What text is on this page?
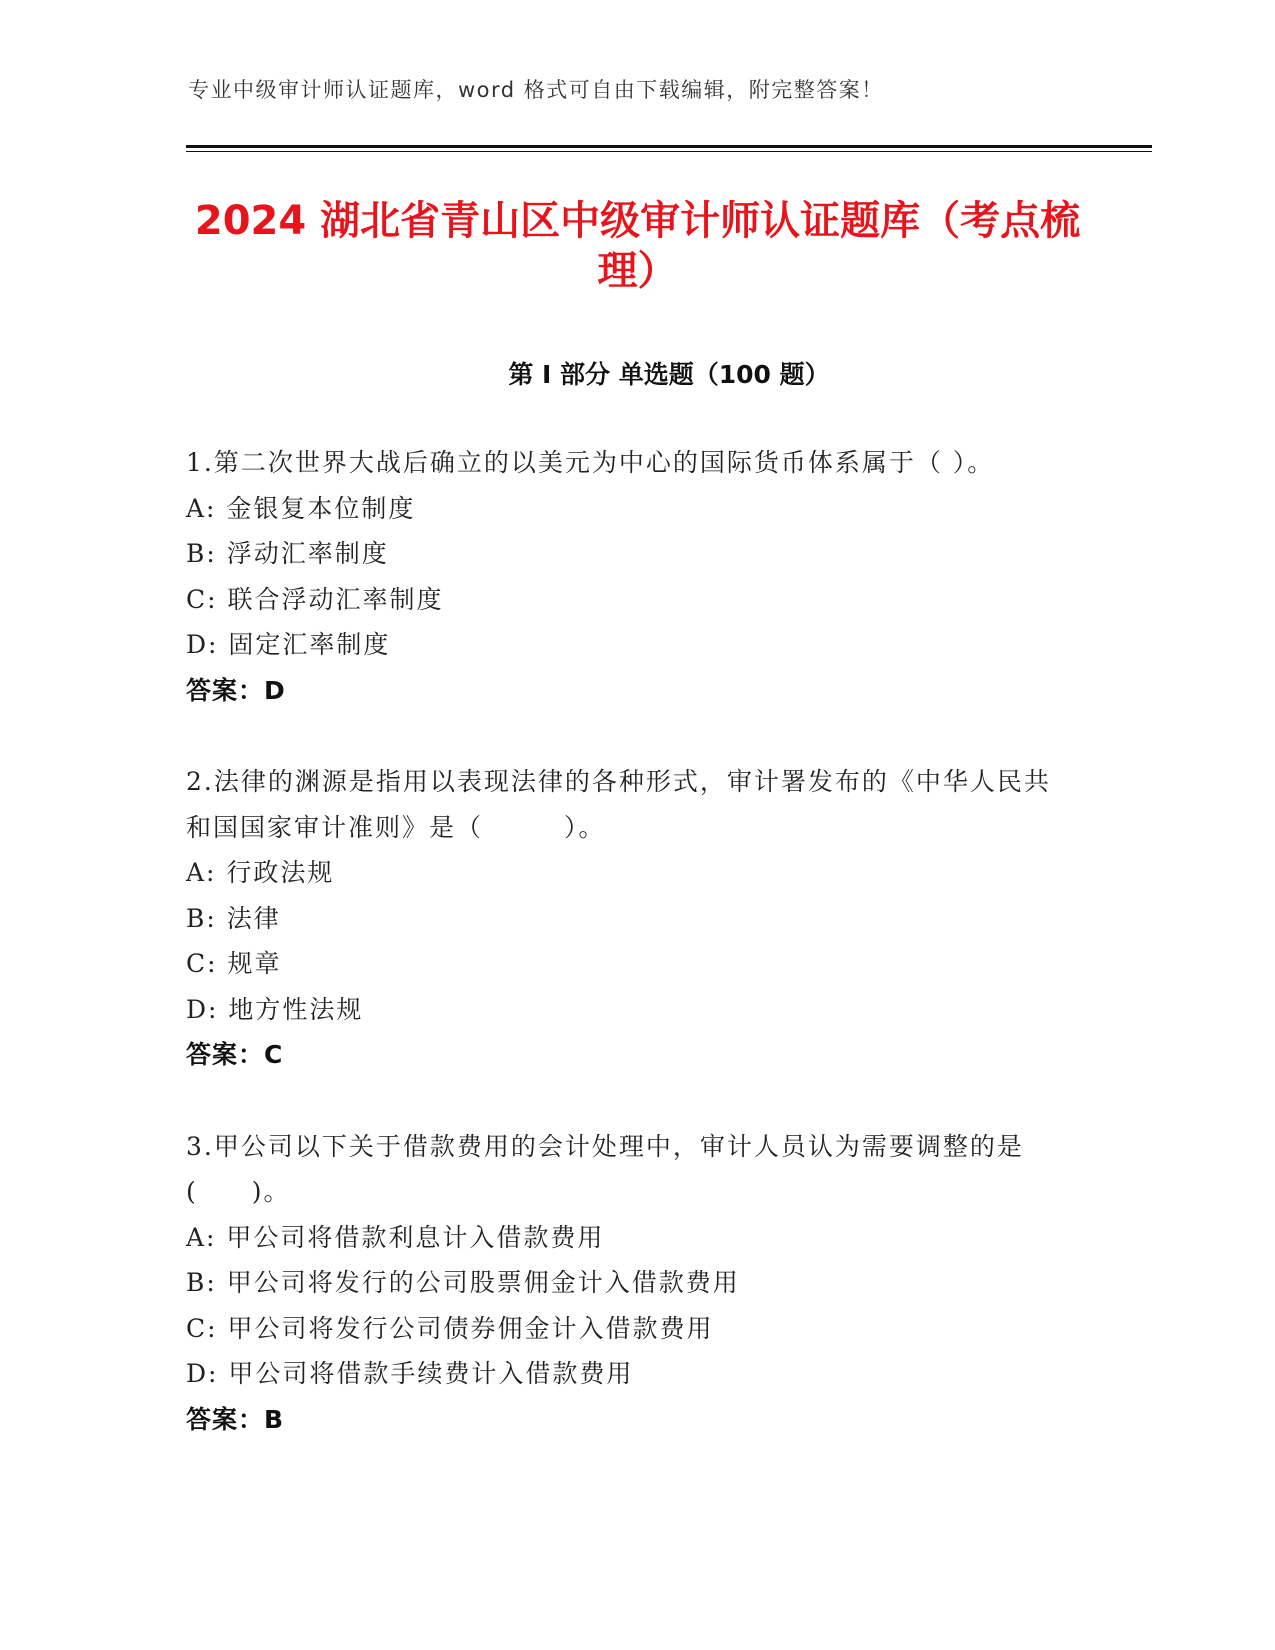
专业中级审计师认证题库，word 格式可自由下载编辑，附完整答案！
2024 湖北省青山区中级审计师认证题库（考点梳理）
第 I 部分 单选题（100 题）

1.第二次世界大战后确立的以美元为中心的国际货币体系属于（ ）。

A: 金银复本位制度

B: 浮动汇率制度

C: 联合浮动汇率制度

D: 固定汇率制度

答案：D

2.法律的渊源是指用以表现法律的各种形式，审计署发布的《中华人民共和国国家审计准则》是（　　　）。

A: 行政法规

B: 法律

C: 规章

D: 地方性法规

答案：C

3.甲公司以下关于借款费用的会计处理中，审计人员认为需要调整的是(　　)。

A: 甲公司将借款利息计入借款费用

B: 甲公司将发行的公司股票佣金计入借款费用

C: 甲公司将发行公司债券佣金计入借款费用

D: 甲公司将借款手续费计入借款费用

答案：B
